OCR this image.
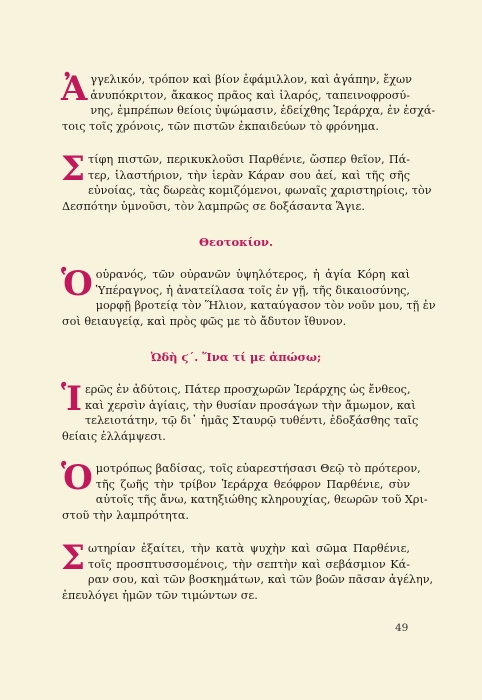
Ἀ γγελικόν, τρόπον καὶ βίον ἐφάμιλλον, καὶ ἀγάπην, ἔχων
ἀνυπόκριτον, ἄκακος πρᾶος καὶ ἱλαρός, ταπεινοφροσύ-
νης, ἐμπρέπων θείοις ὑψώμασιν, ἐδείχθης Ἱεράρχα, ἐν ἐσχά-
τοις τοῖς χρόνοις, τῶν πιστῶν ἐκπαιδεύων τὸ φρόνημα.
Σ τίφη πιστῶν, περικυκλοῦσι Παρθένιε, ὥσπερ θεῖον, Πά-
τερ, ἱλαστήριον, τὴν ἱερὰν Κάραν σου ἀεί, καὶ τῆς σῆς
εὐνοίας, τὰς δωρεὰς κομιζόμενοι, φωναῖς χαριστηρίοις, τὸν
Δεσπότην ὑμνοῦσι, τὸν λαμπρῶς σε δοξάσαντα Ἅγιε.
Θεοτοκίον.
Ὁ οὐρανός, τῶν οὐρανῶν ὑψηλότερος, ἡ ἁγία Κόρη καὶ
Ὑπέραγνος, ἡ ἀνατείλασα τοῖς ἐν γῇ, τῆς δικαιοσύνης,
μορφῇ βροτείᾳ τὸν Ἥλιον, καταύγασον τὸν νοῦν μου, τῇ ἐν
σοὶ θειαυγείᾳ, καὶ πρὸς φῶς με τὸ ἄδυτον ἴθυνον.
Ὠδὴ ϛ΄. Ἵνα τί με ἀπώσω;
Ἱ ερῶς ἐν ἀδύτοις, Πάτερ προσχωρῶν Ἱεράρχης ὡς ἔνθεος,
καὶ χερσὶν ἁγίαις, τὴν θυσίαν προσάγων τὴν ἄμωμον, καὶ
τελειοτάτην, τῷ δι᾿ ἡμᾶς Σταυρῷ τυθέντι, ἐδοξάσθης ταῖς
θείαις ἐλλάμψεσι.
Ὁ μοτρόπως βαδίσας, τοῖς εὐαρεστήσασι Θεῷ τὸ πρότερον,
τῆς ζωῆς τὴν τρίβον Ἱεράρχα θεόφρον Παρθένιε, σὺν
αὐτοῖς τῆς ἄνω, κατηξιώθης κληρουχίας, θεωρῶν τοῦ Χρι-
στοῦ τὴν λαμπρότητα.
Σ ωτηρίαν ἐξαίτει, τὴν κατὰ ψυχὴν καὶ σῶμα Παρθένιε,
τοῖς προσπτυσσομένοις, τὴν σεπτὴν καὶ σεβάσμιον Κά-
ραν σου, καὶ τῶν βοσκημάτων, καὶ τῶν βοῶν πᾶσαν ἀγέλην,
ἐπευλόγει ἡμῶν τῶν τιμώντων σε.
49
